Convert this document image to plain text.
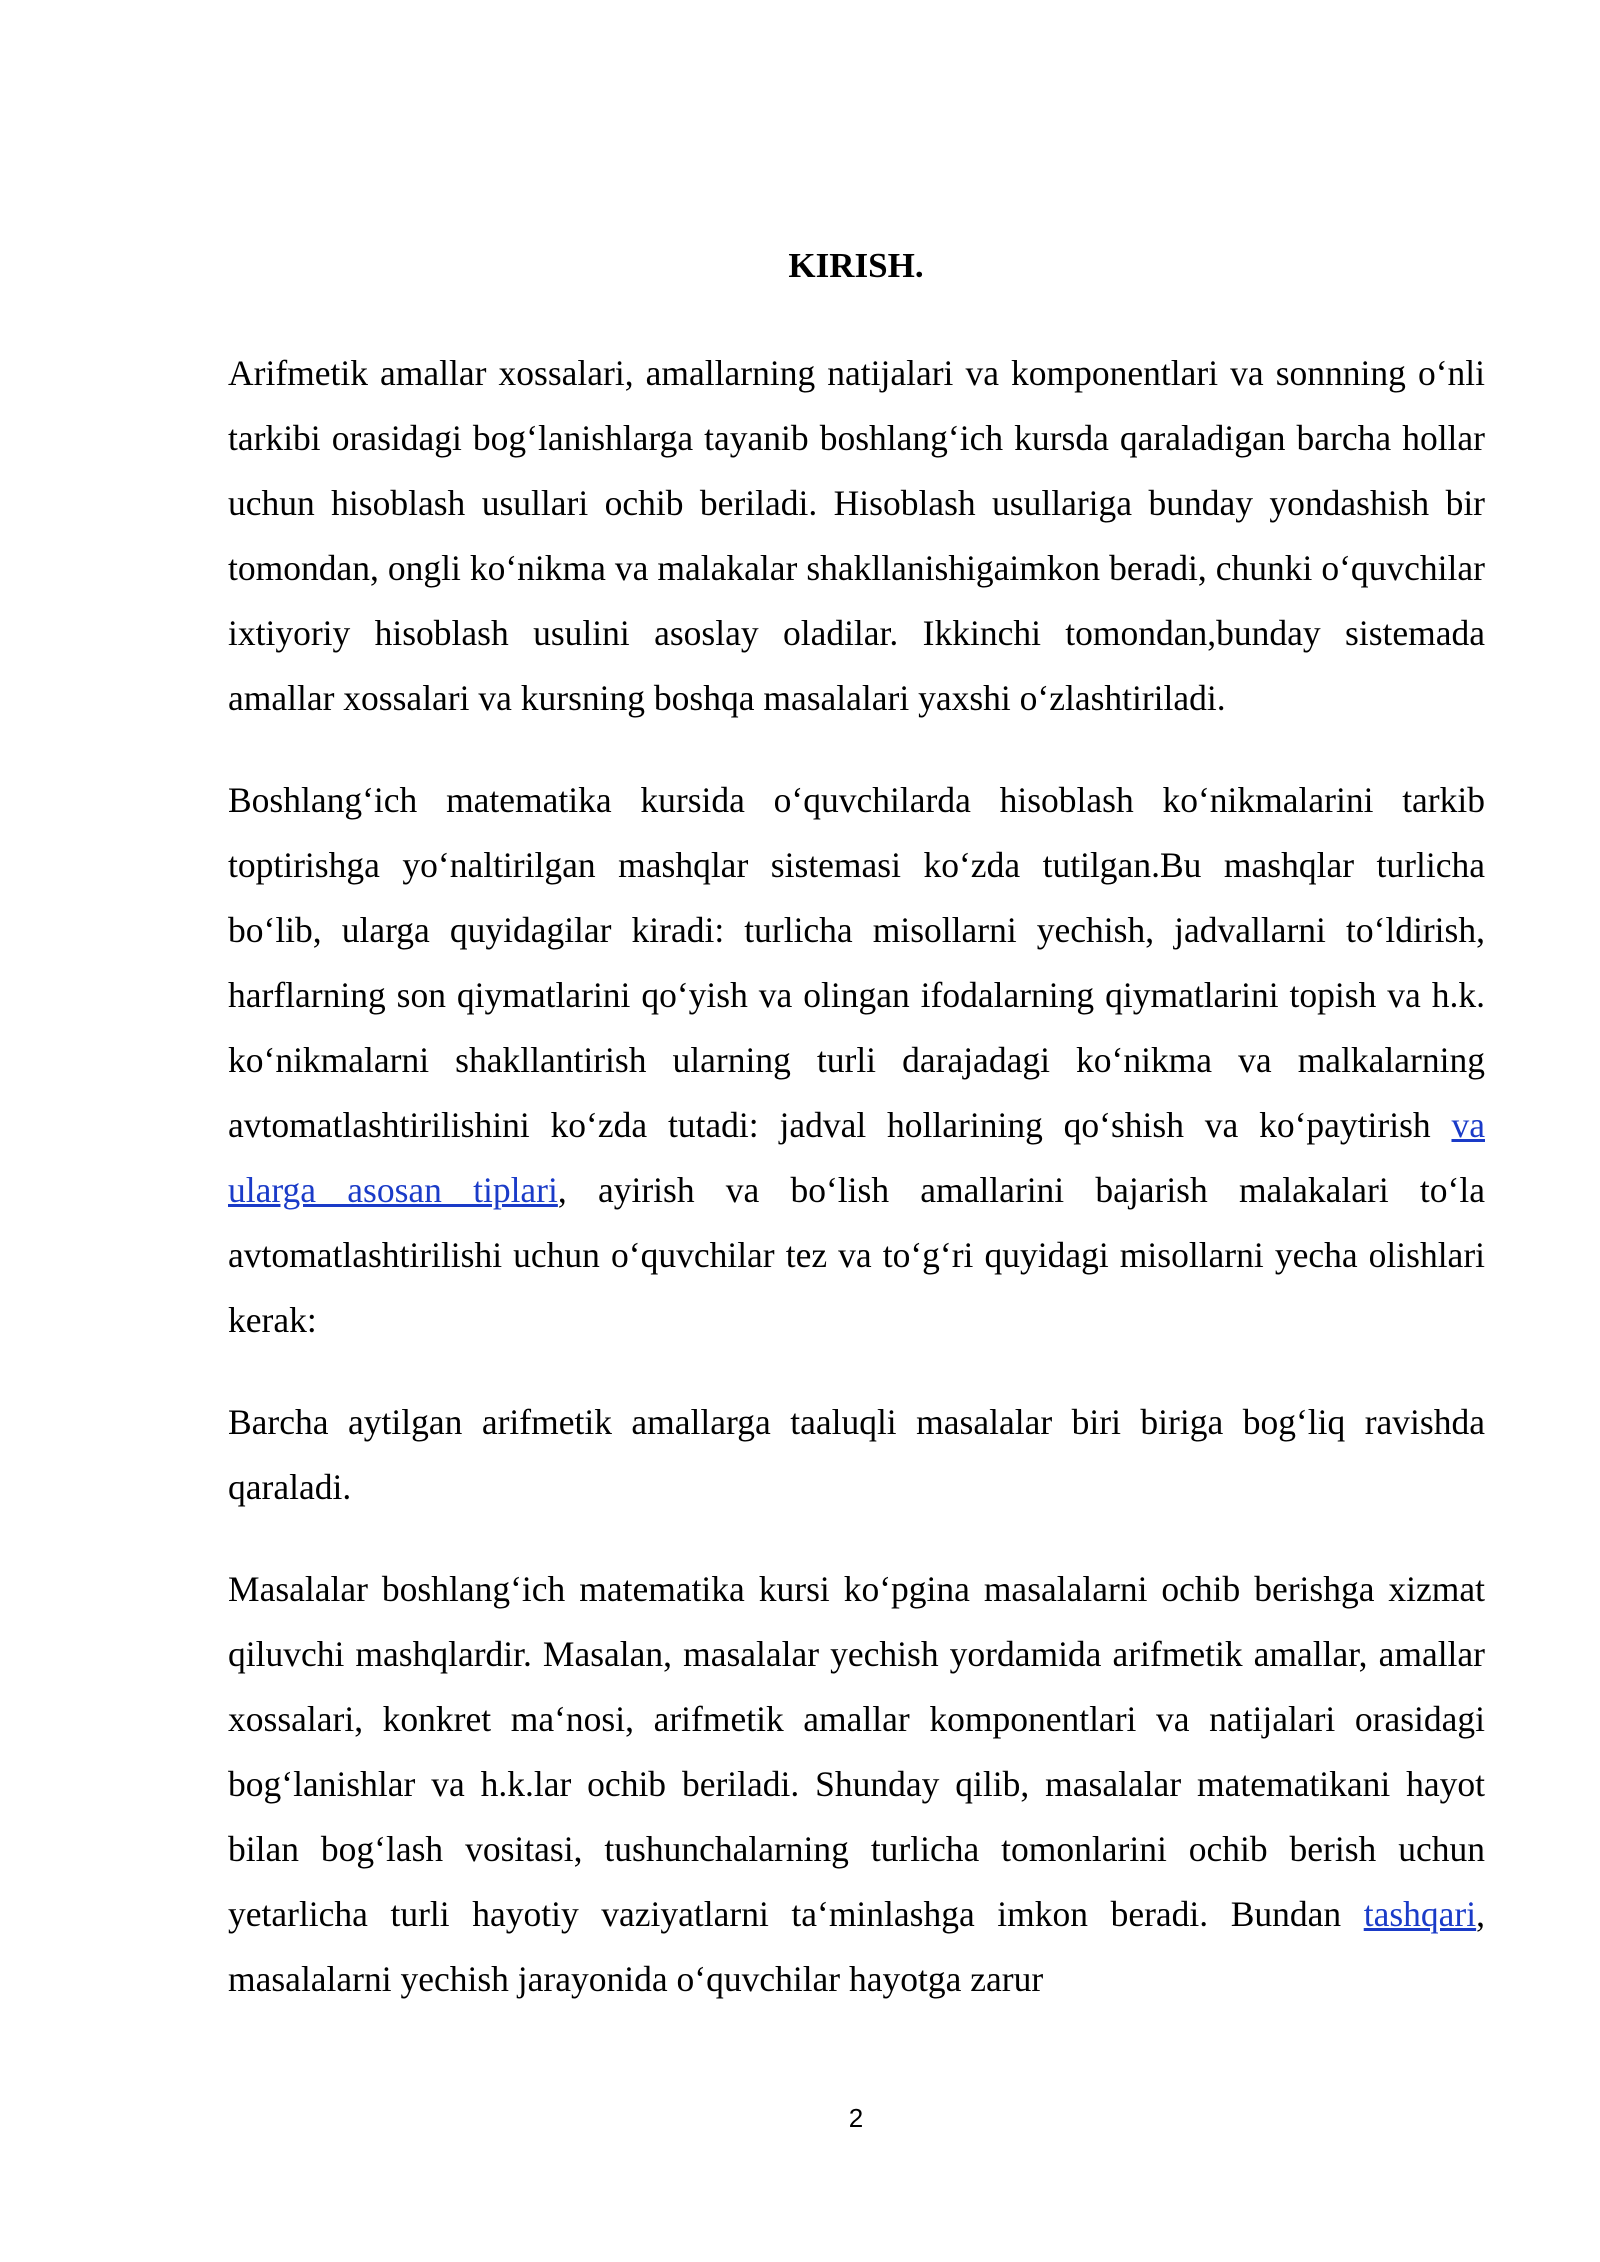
KIRISH.

Arifmetik amallar xossalari, amallarning natijalari va komponentlari va sonnning o‘nli tarkibi orasidagi bog‘lanishlarga tayanib boshlang‘ich kursda qaraladigan barcha hollar uchun hisoblash usullari ochib beriladi. Hisoblash usullariga bunday yondashish bir tomondan, ongli ko‘nikma va malakalar shakllanishigaimkon beradi, chunki o‘quvchilar ixtiyoriy hisoblash usulini asoslay oladilar. Ikkinchi tomondan,bunday sistemada amallar xossalari va kursning boshqa masalalari yaxshi o‘zlashtiriladi.

Boshlang‘ich matematika kursida o‘quvchilarda hisoblash ko‘nikmalarini tarkib toptirishga yo‘naltirilgan mashqlar sistemasi ko‘zda tutilgan.Bu mashqlar turlicha bo‘lib, ularga quyidagilar kiradi: turlicha misollarni yechish, jadvallarni to‘ldirish, harflarning son qiymatlarini qo‘yish va olingan ifodalarning qiymatlarini topish va h.k. ko‘nikmalarni shakllantirish ularning turli darajadagi ko‘nikma va malkalarning avtomatlashtirilishini ko‘zda tutadi: jadval hollarining qo‘shish va ko‘paytirish va ularga asosan tiplari, ayirish va bo‘lish amallarini bajarish malakalari to‘la avtomatlashtirilishi uchun o‘quvchilar tez va to‘g‘ri quyidagi misollarni yecha olishlari kerak:

Barcha aytilgan arifmetik amallarga taaluqli masalalar biri biriga bog‘liq ravishda qaraladi.

Masalalar boshlang‘ich matematika kursi ko‘pgina masalalarni ochib berishga xizmat qiluvchi mashqlardir. Masalan, masalalar yechish yordamida arifmetik amallar, amallar xossalari, konkret ma‘nosi, arifmetik amallar komponentlari va natijalari orasidagi bog‘lanishlar va h.k.lar ochib beriladi. Shunday qilib, masalalar matematikani hayot bilan bog‘lash vositasi, tushunchalarning turlicha tomonlarini ochib berish uchun yetarlicha turli hayotiy vaziyatlarni ta‘minlashga imkon beradi. Bundan tashqari, masalalarni yechish jarayonida o‘quvchilar hayotga zarur

2
